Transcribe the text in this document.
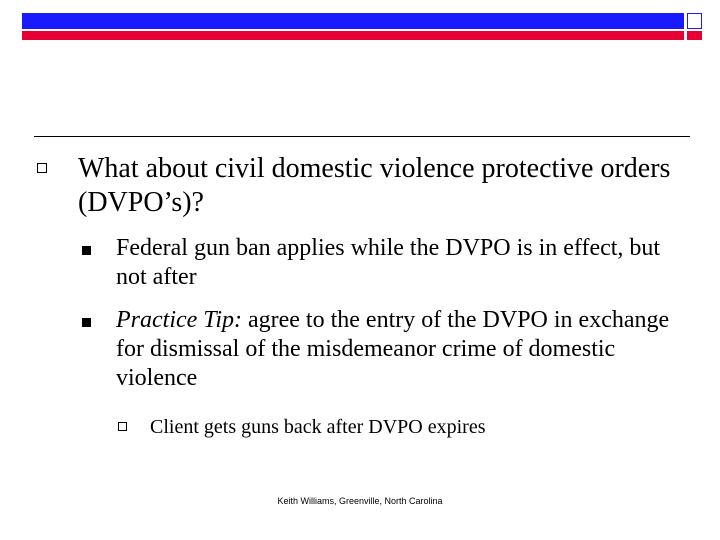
What about civil domestic violence protective orders (DVPO’s)?
Federal gun ban applies while the DVPO is in effect, but not after
Practice Tip: agree to the entry of the DVPO in exchange for dismissal of the misdemeanor crime of domestic violence
Client gets guns back after DVPO expires
Keith Williams, Greenville, North Carolina
